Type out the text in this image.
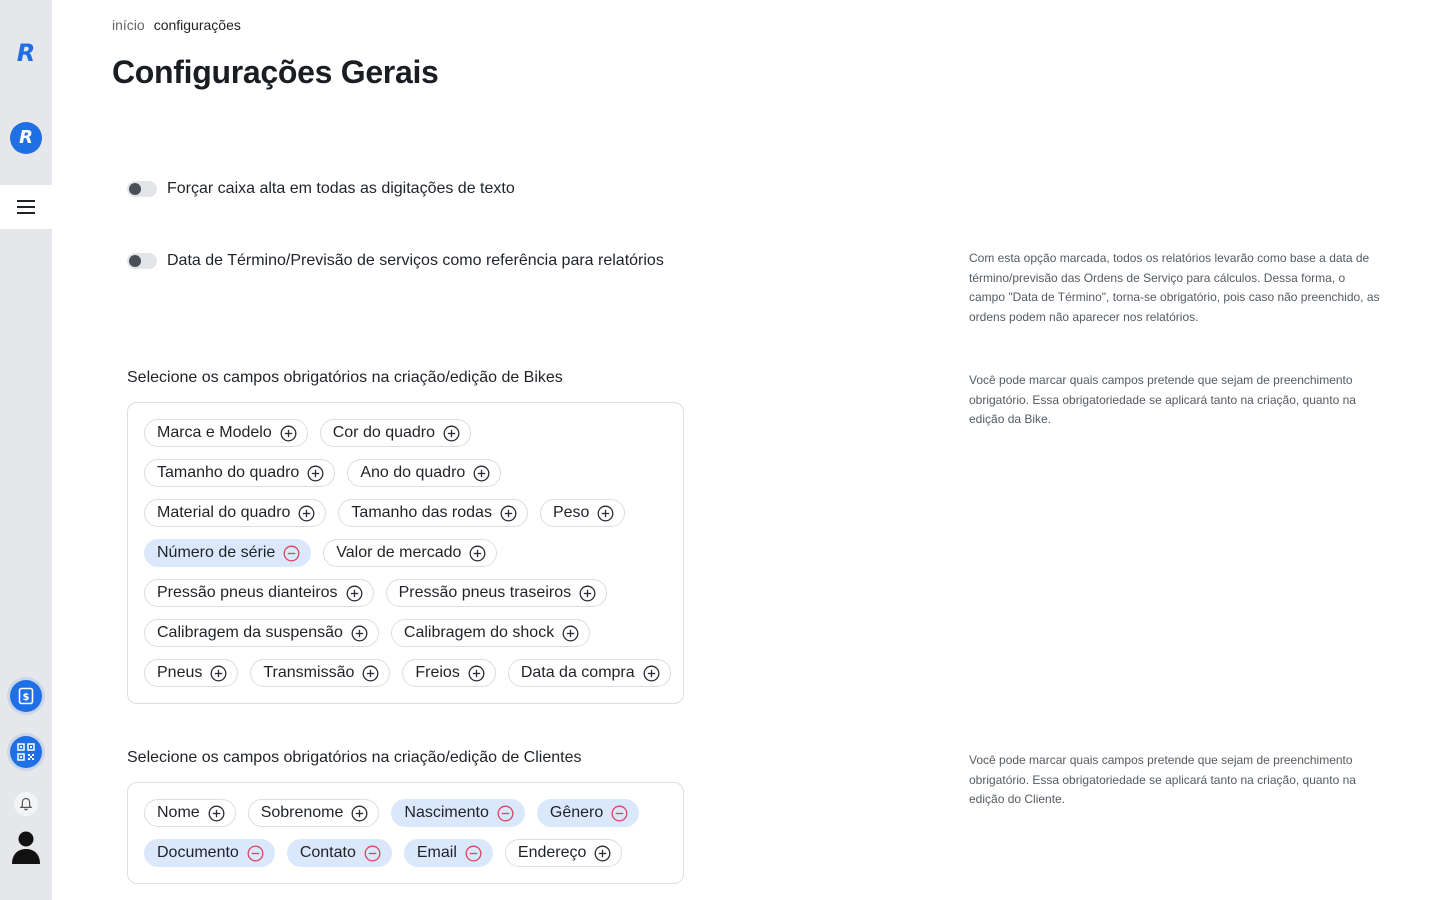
R
R
$
início configurações
Configurações Gerais
Forçar caixa alta em todas as digitações de texto
Data de Término/Previsão de serviços como referência para relatórios	Com esta opção marcada, todos os relatórios levarão como base a data de término/previsão das Ordens de Serviço para cálculos. Dessa forma, o campo "Data de Término", torna-se obrigatório, pois caso não preenchido, as ordens podem não aparecer nos relatórios.

Selecione os campos obrigatórios na criação/edição de Bikes	Você pode marcar quais campos pretende que sejam de preenchimento obrigatório. Essa obrigatoriedade se aplicará tanto na criação, quanto na edição da Bike.

Marca e Modelo	Cor do quadro
Tamanho do quadro	Ano do quadro
Material do quadro	Tamanho das rodas	Peso
Número de série	Valor de mercado
Pressão pneus dianteiros	Pressão pneus traseiros
Calibragem da suspensão	Calibragem do shock
Pneus	Transmissão	Freios	Data da compra
Selecione os campos obrigatórios na criação/edição de Clientes	Você pode marcar quais campos pretende que sejam de preenchimento obrigatório. Essa obrigatoriedade se aplicará tanto na criação, quanto na edição do Cliente.

Nome	Sobrenome	Nascimento	Gênero
Documento	Contato	Email	Endereço
